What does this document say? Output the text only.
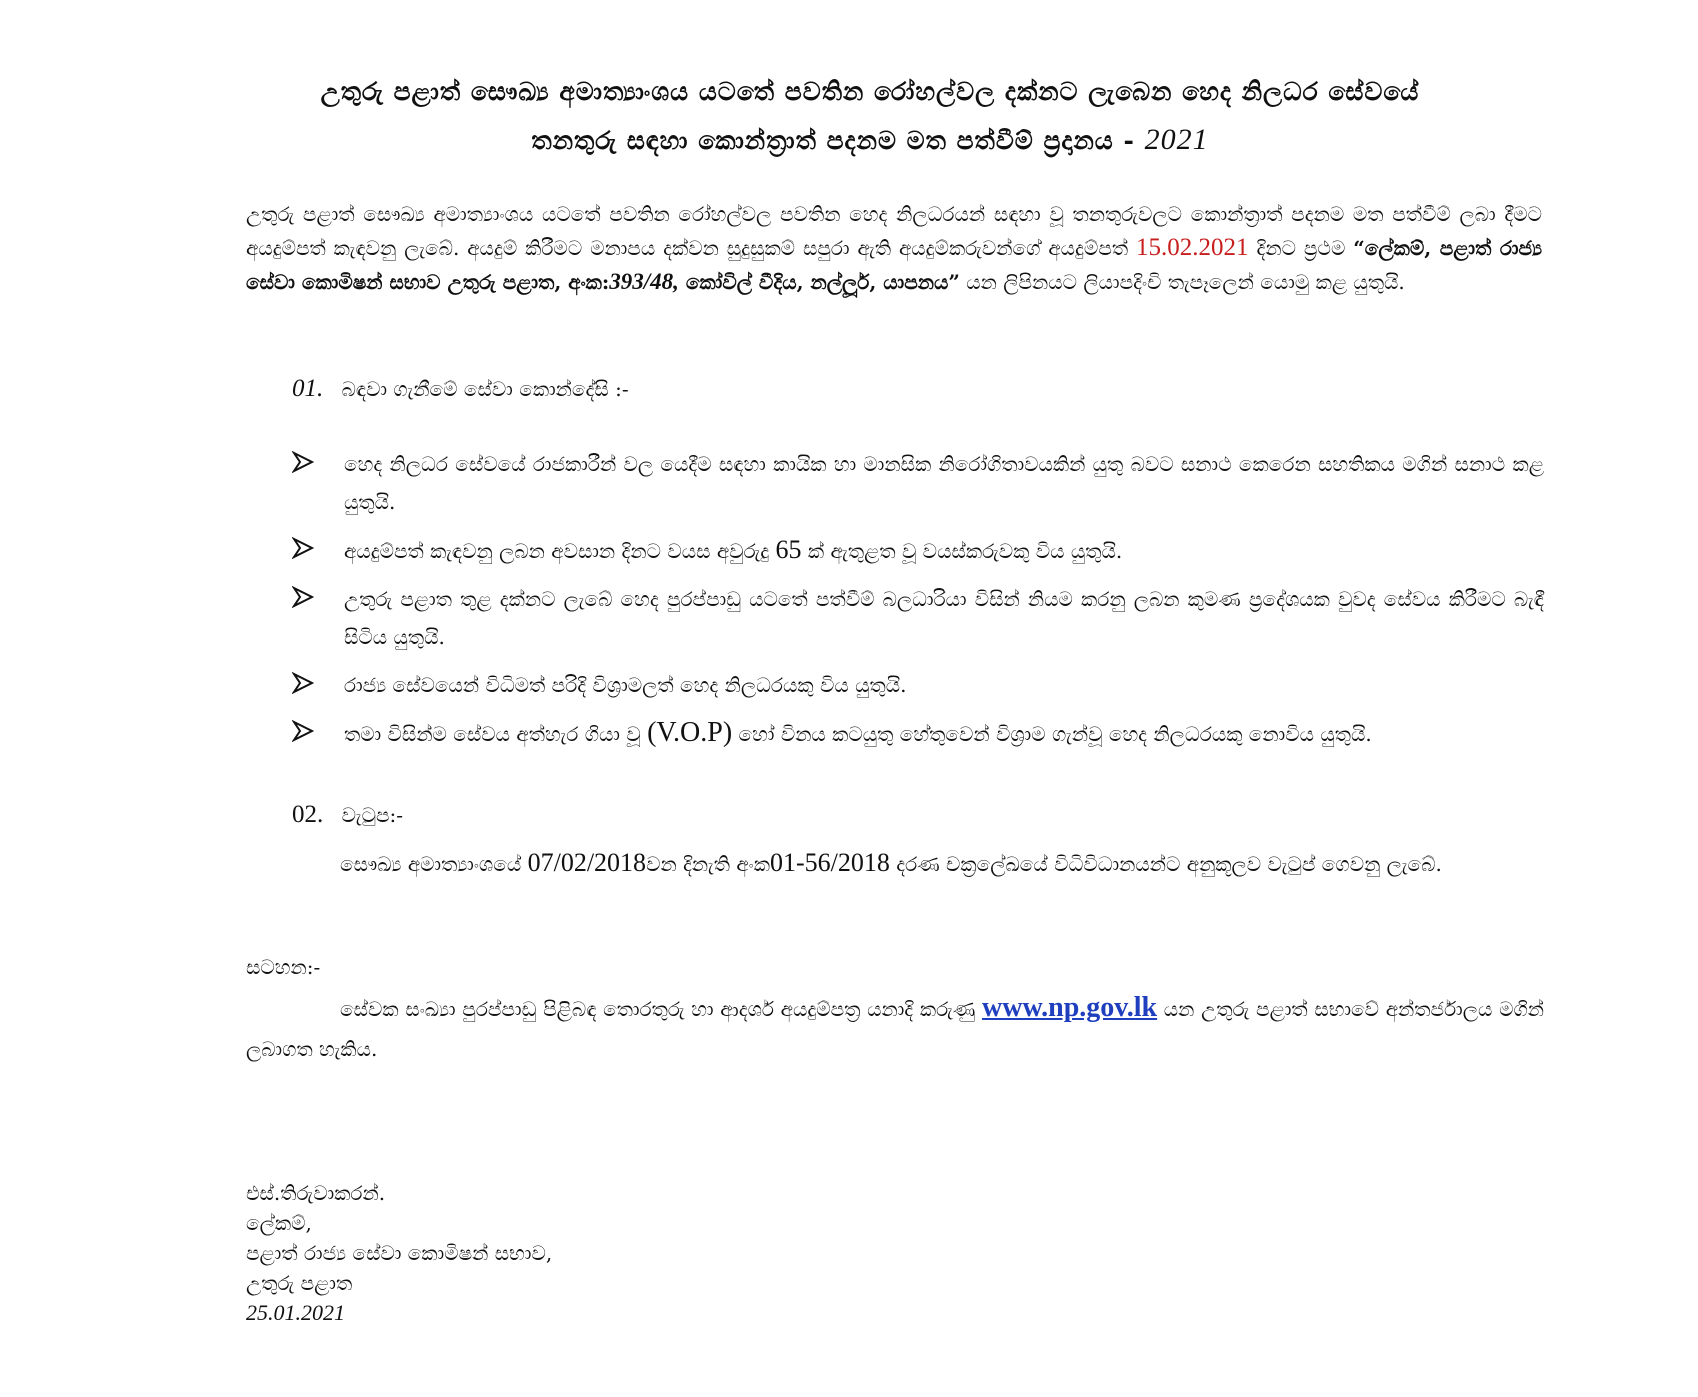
උතුරු පළාත් සෞඛ්‍ය අමාත්‍යාංශය යටතේ පවතින රෝහල්වල දක්නට ලැබෙන හෙද නිලධර සේවයේ
තනතුරු සඳහා කොන්ත්‍රාත් පදනම මත පත්වීම් ප්‍රදානය - 2021
උතුරු පළාත් සෞඛ්‍ය අමාත්‍යාංශය යටතේ පවතින රෝහල්වල පවතින හෙද නිලධරයන් සඳහා වූ තනතුරුවලට කොන්ත්‍රාත් පදනම මත පත්වීම් ලබා දීමට අයදුම්පත් කැඳවනු ලැබේ. අයදුම් කිරීමට මනාපය දක්වන සුදුසුකම් සපුරා ඇති අයදුම්කරුවන්ගේ අයදුම්පත් 15.02.2021 දිනට ප්‍රථම “ලේකම්, පළාත් රාජ්‍ය සේවා කොමිෂන් සභාව උතුරු පළාත, අංක:393/48, කෝවිල් වීදිය, නල්ලූර්, යාපනය” යන ලිපිනයට ලියාපදිංචි තැපෑලෙන් යොමු කළ යුතුයි.
01. බඳවා ගැනීමේ සේවා කොන්දේසි :-
හෙද නිලධර සේවයේ රාජකාරීන් වල යෙදීම සඳහා කායික හා මානසික නිරෝගිතාවයකින් යුතු බවට සනාථ කෙරෙන සහතිකය මගින් සනාථ කළ යුතුයි.
අයදුම්පත් කැඳවනු ලබන අවසාන දිනට වයස අවුරුදු 65 ක් ඇතුළත වූ වයස්කරුවකු විය යුතුයි.
උතුරු පළාත තුළ දක්නට ලැබේ හෙද පුරප්පාඩු යටතේ පත්වීම් බලධාරියා විසින් නියම කරනු ලබන කුමණ ප්‍රදේශයක වුවද සේවය කිරීමට බැඳී සිටිය යුතුයි.
රාජ්‍ය සේවයෙන් විධිමත් පරිදි විශ්‍රාමලත් හෙද නිලධරයකු විය යුතුයි.
තමා විසින්ම සේවය අත්හැර ගියා වූ (V.O.P) හෝ විනය කටයුතු හේතුවෙන් විශ්‍රාම ගැන්වූ හෙද නිලධරයකු නොවිය යුතුයි.
02. වැටුප:-
සෞඛ්‍ය අමාත්‍යාංශයේ 07/02/2018වන දිනැති අංක01-56/2018 දරණ චක්‍රලේඛයේ විධිවිධානයන්ට අනුකූලව වැටුප් ගෙවනු ලැබේ.
සටහන:-
සේවක සංඛ්‍යා පුරප්පාඩු පිළිබඳ තොරතුරු හා ආදර්ශ අයදුම්පත්‍ර යනාදි කරුණු www.np.gov.lk යන උතුරු පළාත් සභාවේ අන්තර්ජාලය මගින් ලබාගත හැකිය.
එස්.තිරුවාකරන්.
ලේකම්,
පළාත් රාජ්‍ය සේවා කොමිෂන් සභාව,
උතුරු පළාත
25.01.2021
